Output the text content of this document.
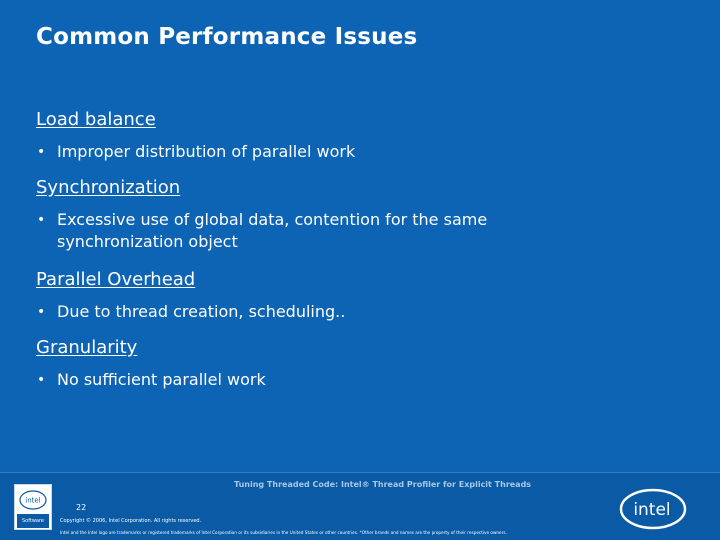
Common Performance Issues
Load balance
• Improper distribution of parallel work
Synchronization
• Excessive use of global data, contention for the same synchronization object
Parallel Overhead
• Due to thread creation, scheduling..
Granularity
• No sufficient parallel work
Tuning Threaded Code: Intel® Thread Profiler for Explicit Threads
22
Copyright © 2006, Intel Corporation. All rights reserved.
Intel and the Intel logo are trademarks or registered trademarks of Intel Corporation or its subsidiaries in the United States or other countries. *Other brands and names are the property of their respective owners.
intel
Software
intel
